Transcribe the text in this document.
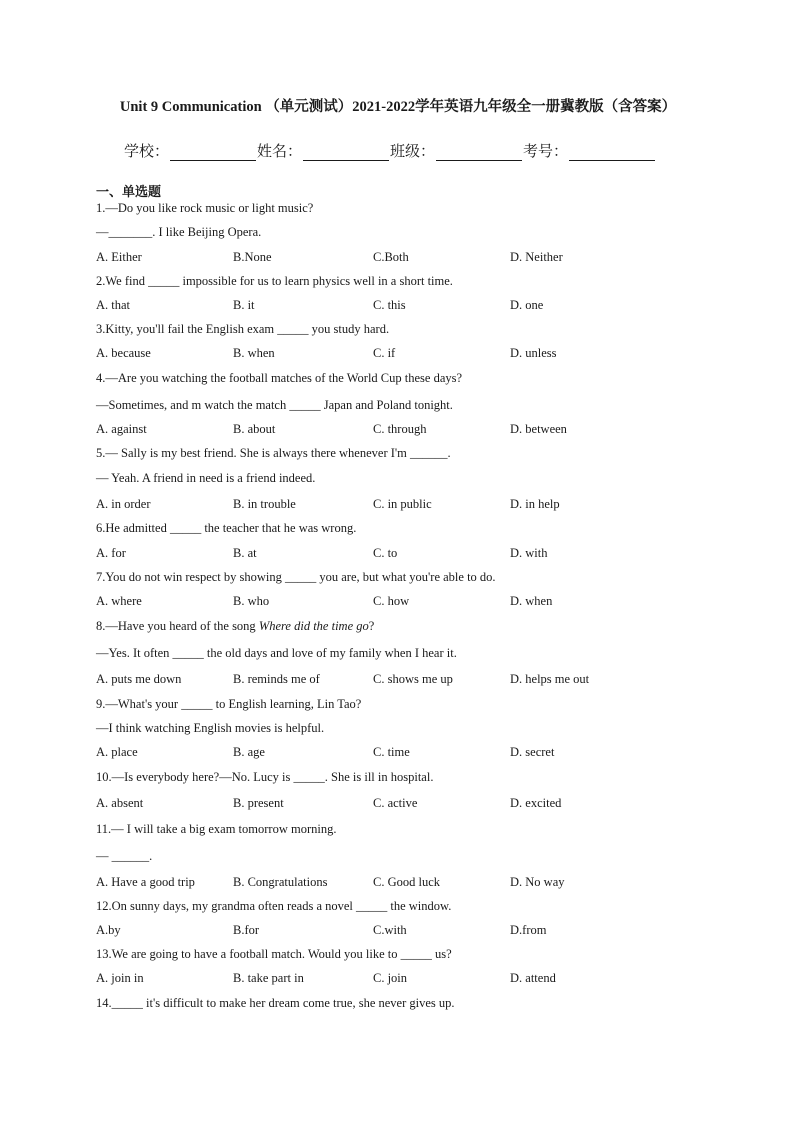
Unit 9 Communication （单元测试）2021-2022学年英语九年级全一册冀教版（含答案）
学校：	姓名：	班级：	考号：
一、单选题
1.—Do you like rock music or light music?
—_______. I like Beijing Opera.
A. Either	B.None	C.Both	D. Neither
2.We find _____ impossible for us to learn physics well in a short time.
A. that	B. it	C. this	D. one
3.Kitty, you'll fail the English exam _____ you study hard.
A. because	B. when	C. if	D. unless
4.—Are you watching the football matches of the World Cup these days?
—Sometimes, and m watch the match _____ Japan and Poland tonight.
A. against	B. about	C. through	D. between
5.— Sally is my best friend. She is always there whenever I'm ______.
— Yeah. A friend in need is a friend indeed.
A. in order	B. in trouble	C. in public	D. in help
6.He admitted _____ the teacher that he was wrong.
A. for	B. at	C. to	D. with
7.You do not win respect by showing _____ you are, but what you're able to do.
A. where	B. who	C. how	D. when
8.—Have you heard of the song Where did the time go?
—Yes. It often _____ the old days and love of my family when I hear it.
A. puts me down	B. reminds me of	C. shows me up	D. helps me out
9.—What's your _____ to English learning, Lin Tao?
—I think watching English movies is helpful.
A. place	B. age	C. time	D. secret
10.—Is everybody here?—No. Lucy is _____. She is ill in hospital.
A. absent	B. present	C. active	D. excited
11.— I will take a big exam tomorrow morning.
— ______.
A. Have a good trip	B. Congratulations	C. Good luck	D. No way
12.On sunny days, my grandma often reads a novel _____ the window.
A.by	B.for	C.with	D.from
13.We are going to have a football match. Would you like to _____ us?
A. join in	B. take part in	C. join	D. attend
14._____ it's difficult to make her dream come true, she never gives up.
